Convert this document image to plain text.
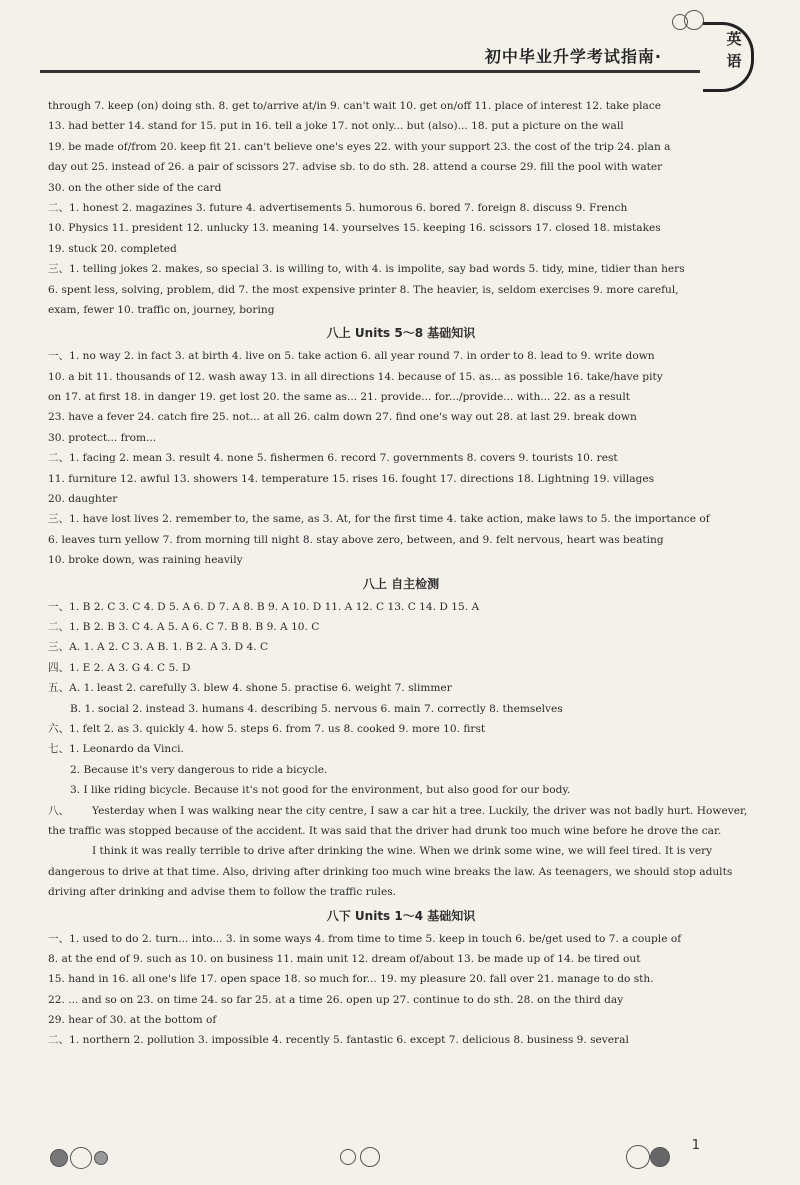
初中毕业升学考试指南·
英语
through 7. keep (on) doing sth. 8. get to/arrive at/in 9. can't wait 10. get on/off 11. place of interest 12. take place
13. had better 14. stand for 15. put in 16. tell a joke 17. not only... but (also)... 18. put a picture on the wall
19. be made of/from 20. keep fit 21. can't believe one's eyes 22. with your support 23. the cost of the trip 24. plan a
day out 25. instead of 26. a pair of scissors 27. advise sb. to do sth. 28. attend a course 29. fill the pool with water
30. on the other side of the card
二、1. honest 2. magazines 3. future 4. advertisements 5. humorous 6. bored 7. foreign 8. discuss 9. French
10. Physics 11. president 12. unlucky 13. meaning 14. yourselves 15. keeping 16. scissors 17. closed 18. mistakes
19. stuck 20. completed
三、1. telling jokes 2. makes, so special 3. is willing to, with 4. is impolite, say bad words 5. tidy, mine, tidier than hers
6. spent less, solving, problem, did 7. the most expensive printer 8. The heavier, is, seldom exercises 9. more careful,
exam, fewer 10. traffic on, journey, boring
八上 Units 5～8 基础知识
一、1. no way 2. in fact 3. at birth 4. live on 5. take action 6. all year round 7. in order to 8. lead to 9. write down
10. a bit 11. thousands of 12. wash away 13. in all directions 14. because of 15. as... as possible 16. take/have pity
on 17. at first 18. in danger 19. get lost 20. the same as... 21. provide... for.../provide... with... 22. as a result
23. have a fever 24. catch fire 25. not... at all 26. calm down 27. find one's way out 28. at last 29. break down
30. protect... from...
二、1. facing 2. mean 3. result 4. none 5. fishermen 6. record 7. governments 8. covers 9. tourists 10. rest
11. furniture 12. awful 13. showers 14. temperature 15. rises 16. fought 17. directions 18. Lightning 19. villages
20. daughter
三、1. have lost lives 2. remember to, the same, as 3. At, for the first time 4. take action, make laws to 5. the importance of
6. leaves turn yellow 7. from morning till night 8. stay above zero, between, and 9. felt nervous, heart was beating
10. broke down, was raining heavily
八上 自主检测
一、1. B 2. C 3. C 4. D 5. A 6. D 7. A 8. B 9. A 10. D 11. A 12. C 13. C 14. D 15. A
二、1. B 2. B 3. C 4. A 5. A 6. C 7. B 8. B 9. A 10. C
三、A. 1. A 2. C 3. A B. 1. B 2. A 3. D 4. C
四、1. E 2. A 3. G 4. C 5. D
五、A. 1. least 2. carefully 3. blew 4. shone 5. practise 6. weight 7. slimmer
B. 1. social 2. instead 3. humans 4. describing 5. nervous 6. main 7. correctly 8. themselves
六、1. felt 2. as 3. quickly 4. how 5. steps 6. from 7. us 8. cooked 9. more 10. first
七、1. Leonardo da Vinci.
2. Because it's very dangerous to ride a bicycle.
3. I like riding bicycle. Because it's not good for the environment, but also good for our body.
八、 Yesterday when I was walking near the city centre, I saw a car hit a tree. Luckily, the driver was not badly hurt. However, the traffic was stopped because of the accident. It was said that the driver had drunk too much wine before he drove the car.
I think it was really terrible to drive after drinking the wine. When we drink some wine, we will feel tired. It is very dangerous to drive at that time. Also, driving after drinking too much wine breaks the law. As teenagers, we should stop adults driving after drinking and advise them to follow the traffic rules.
八下 Units 1～4 基础知识
一、1. used to do 2. turn... into... 3. in some ways 4. from time to time 5. keep in touch 6. be/get used to 7. a couple of
8. at the end of 9. such as 10. on business 11. main unit 12. dream of/about 13. be made up of 14. be tired out
15. hand in 16. all one's life 17. open space 18. so much for... 19. my pleasure 20. fall over 21. manage to do sth.
22. ... and so on 23. on time 24. so far 25. at a time 26. open up 27. continue to do sth. 28. on the third day
29. hear of 30. at the bottom of
二、1. northern 2. pollution 3. impossible 4. recently 5. fantastic 6. except 7. delicious 8. business 9. several
1
